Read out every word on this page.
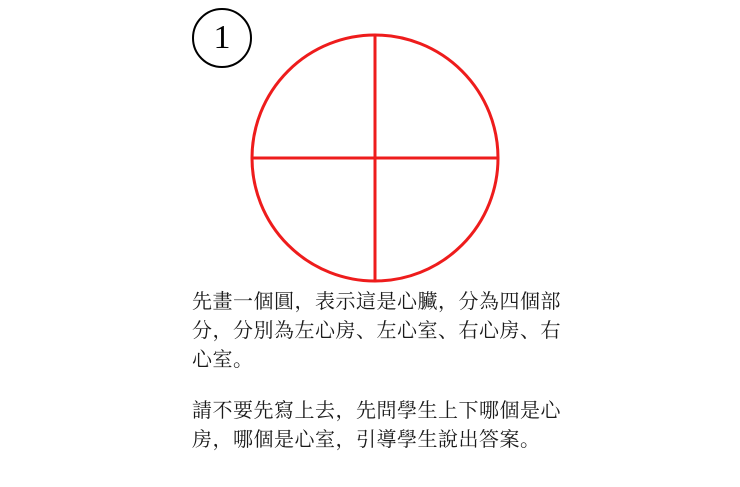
1

先畫一個圓，表示這是心臟，分為四個部分，分別為左心房、左心室、右心房、右心室。

請不要先寫上去，先問學生上下哪個是心房，哪個是心室，引導學生說出答案。
